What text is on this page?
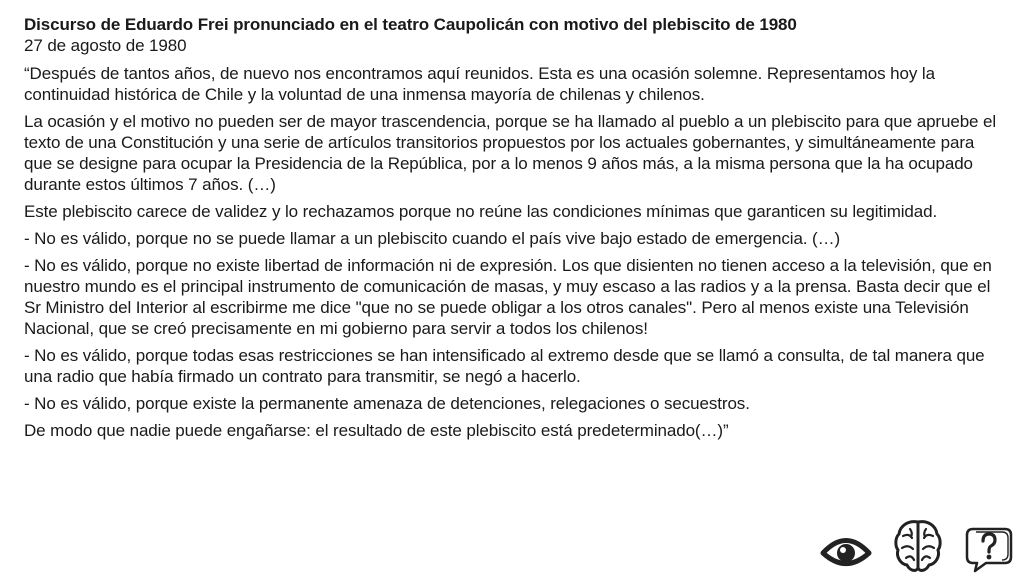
Discurso de Eduardo Frei pronunciado en el teatro Caupolicán con motivo del plebiscito de 1980

27 de agosto de 1980

“Después de tantos años, de nuevo nos encontramos aquí reunidos. Esta es una ocasión solemne. Representamos hoy la continuidad histórica de Chile y la voluntad de una inmensa mayoría de chilenas y chilenos.

La ocasión y el motivo no pueden ser de mayor trascendencia, porque se ha llamado al pueblo a un plebiscito para que apruebe el texto de una Constitución y una serie de artículos transitorios propuestos por los actuales gobernantes, y simultáneamente para que se designe para ocupar la Presidencia de la República, por a lo menos 9 años más, a la misma persona que la ha ocupado durante estos últimos 7 años. (…)

Este plebiscito carece de validez y lo rechazamos porque no reúne las condiciones mínimas que garanticen su legitimidad.

- No es válido, porque no se puede llamar a un plebiscito cuando el país vive bajo estado de emergencia. (…)

- No es válido, porque no existe libertad de información ni de expresión. Los que disienten no tienen acceso a la televisión, que en nuestro mundo es el principal instrumento de comunicación de masas, y muy escaso a las radios y a la prensa. Basta decir que el Sr Ministro del Interior al escribirme me dice "que no se puede obligar a los otros canales". Pero al menos existe una Televisión Nacional, que se creó precisamente en mi gobierno para servir a todos los chilenos!

- No es válido, porque todas esas restricciones se han intensificado al extremo desde que se llamó a consulta, de tal manera que una radio que había firmado un contrato para transmitir, se negó a hacerlo.

- No es válido, porque existe la permanente amenaza de detenciones, relegaciones o secuestros.

De modo que nadie puede engañarse: el resultado de este plebiscito está predeterminado(…)”
